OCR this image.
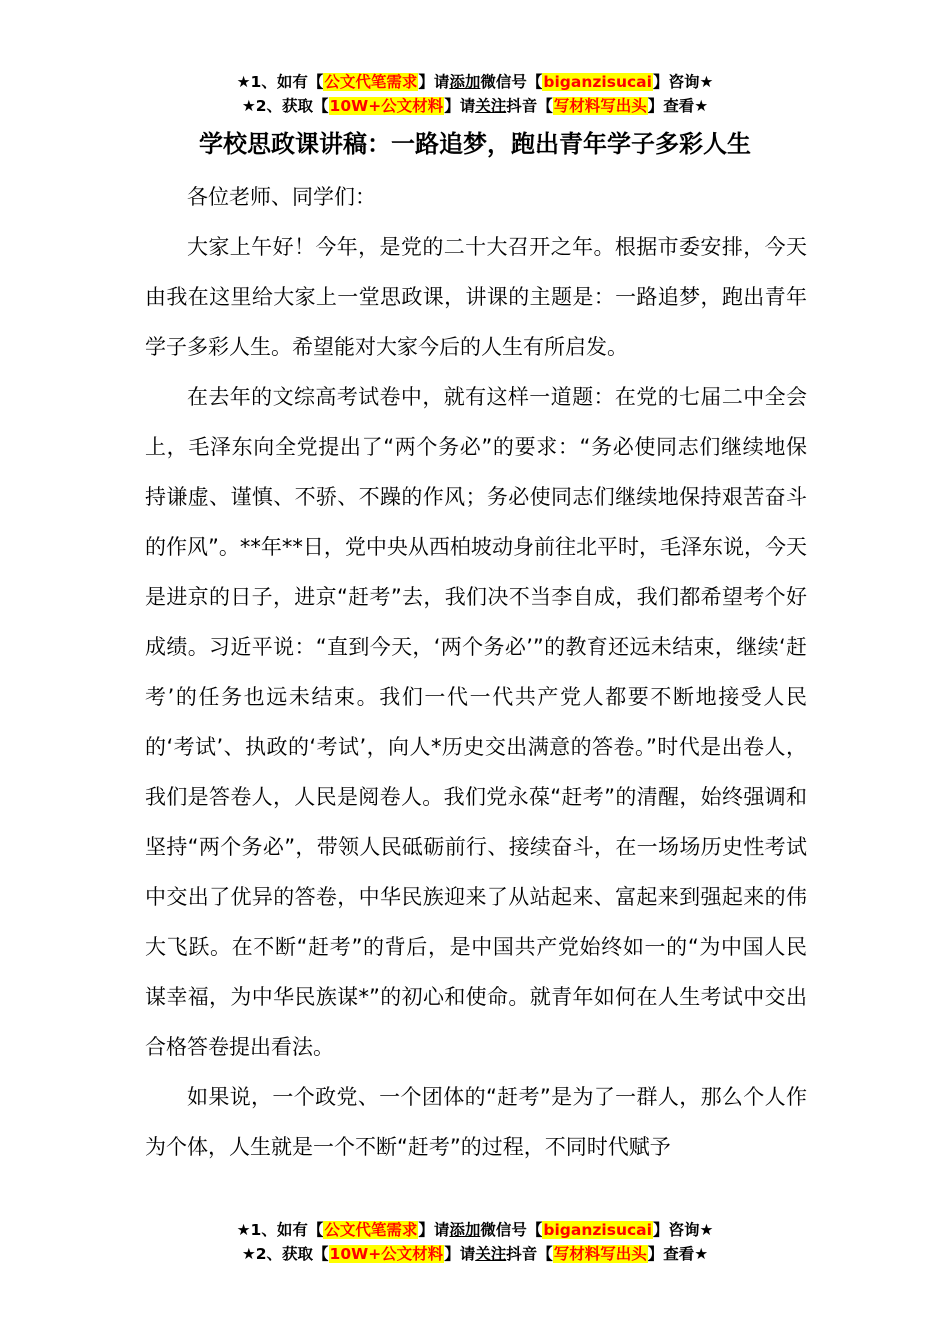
★1、如有【公文代笔需求】请添加微信号【biganzisucai】咨询★
★2、获取【10W+公文材料】请关注抖音【写材料写出头】查看★
学校思政课讲稿：一路追梦，跑出青年学子多彩人生

各位老师、同学们：

大家上午好！今年，是党的二十大召开之年。根据市委安排，今天由我在这里给大家上一堂思政课，讲课的主题是：一路追梦，跑出青年学子多彩人生。希望能对大家今后的人生有所启发。

在去年的文综高考试卷中，就有这样一道题：在党的七届二中全会上，毛泽东向全党提出了“两个务必”的要求：“务必使同志们继续地保持谦虚、谨慎、不骄、不躁的作风；务必使同志们继续地保持艰苦奋斗的作风”。**年**日，党中央从西柏坡动身前往北平时，毛泽东说，今天是进京的日子，进京“赶考”去，我们决不当李自成，我们都希望考个好成绩。习近平说：“直到今天，‘两个务必’”的教育还远未结束，继续‘赶考’的任务也远未结束。我们一代一代共产党人都要不断地接受人民的‘考试’、执政的‘考试’，向人*历史交出满意的答卷。”时代是出卷人，我们是答卷人，人民是阅卷人。我们党永葆“赶考”的清醒，始终强调和坚持“两个务必”，带领人民砥砺前行、接续奋斗，在一场场历史性考试中交出了优异的答卷，中华民族迎来了从站起来、富起来到强起来的伟大飞跃。在不断“赶考”的背后，是中国共产党始终如一的“为中国人民谋幸福，为中华民族谋*”的初心和使命。就青年如何在人生考试中交出合格答卷提出看法。

如果说，一个政党、一个团体的“赶考”是为了一群人，那么个人作为个体，人生就是一个不断“赶考”的过程，不同时代赋予

★1、如有【公文代笔需求】请添加微信号【biganzisucai】咨询★
★2、获取【10W+公文材料】请关注抖音【写材料写出头】查看★
